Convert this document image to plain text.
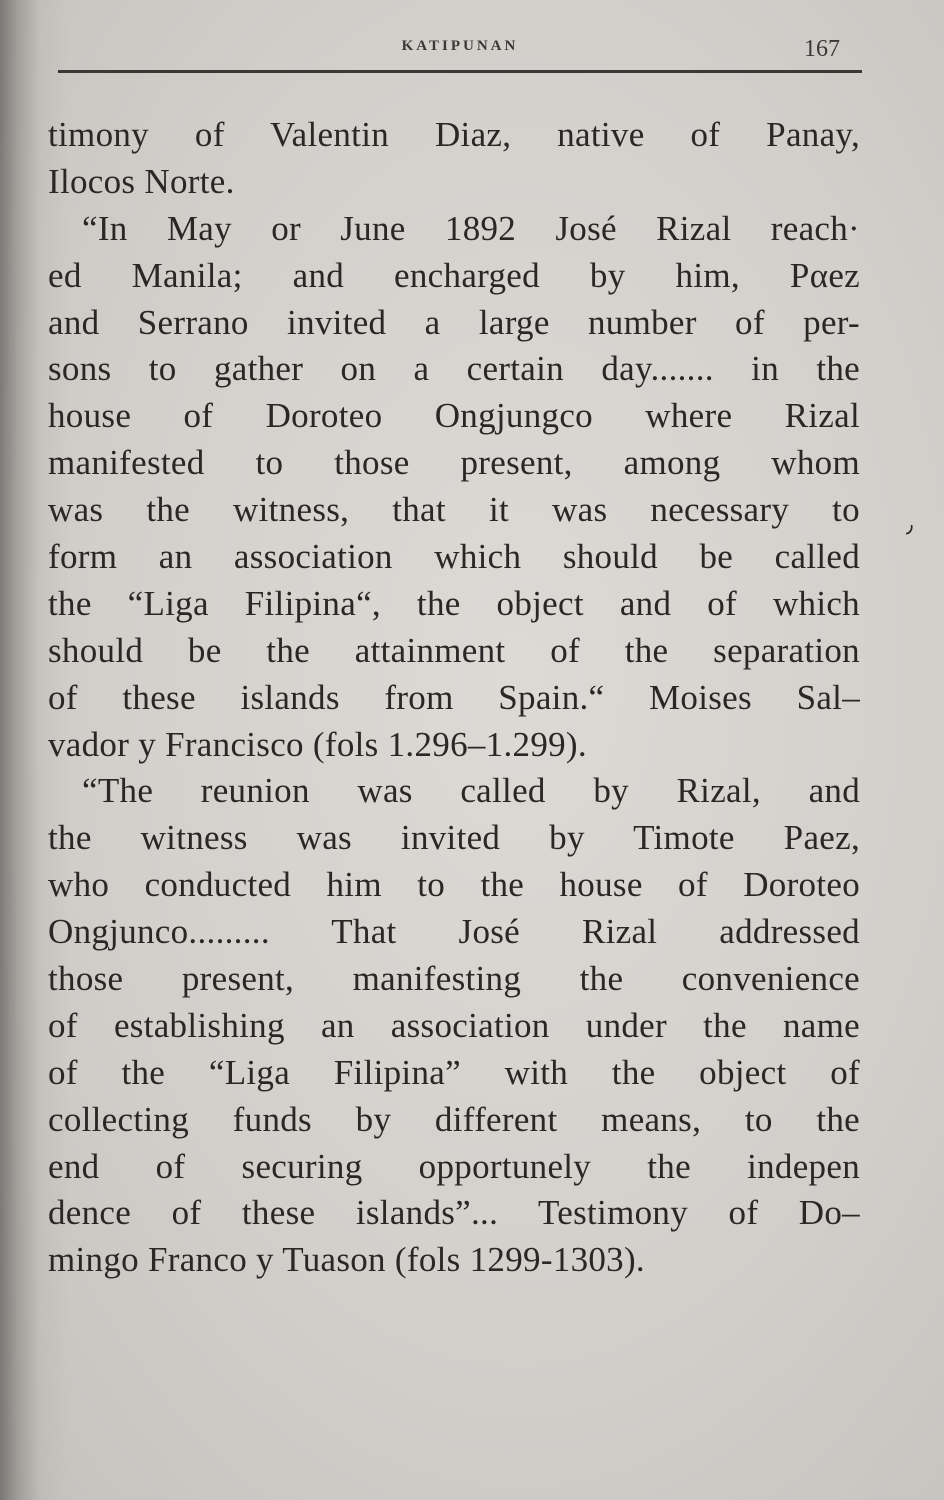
KATIPUNAN	167
timony of Valentin Diaz, native of Panay,
Ilocos Norte.
“In May or June 1892 José Rizal reach·
ed Manila; and encharged by him, Pαez
and Serrano invited a large number of per-
sons to gather on a certain day....... in the
house of Doroteo Ongjungco where Rizal
manifested to those present, among whom
was the witness, that it was necessary to
form an association which should be called
the “Liga Filipina“, the object and of which
should be the attainment of the separation
of these islands from Spain.“ Moises Sal–
vador y Francisco (fols 1.296–1.299).
“The reunion was called by Rizal, and
the witness was invited by Timote Paez,
who conducted him to the house of Doroteo
Ongjunco......... That José Rizal addressed
those present, manifesting the convenience
of establishing an association under the name
of the “Liga Filipina” with the object of
collecting funds by different means, to the
end of securing opportunely the indepen
dence of these islands”... Testimony of Do–
mingo Franco y Tuason (fols 1299-1303).
٫
